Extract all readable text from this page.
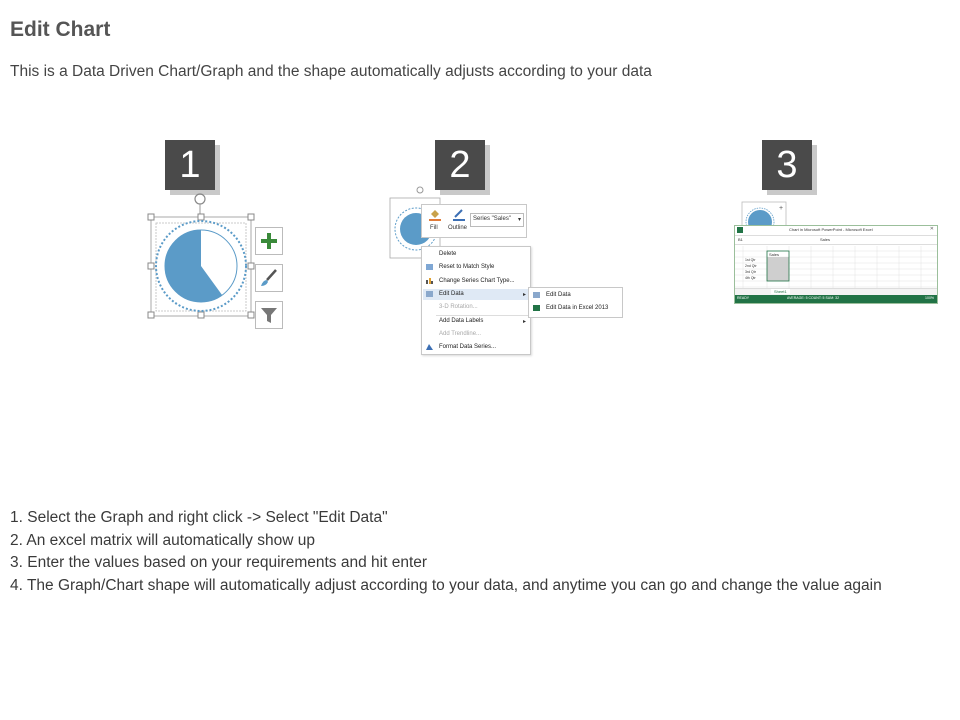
Edit Chart
This is a Data Driven Chart/Graph and the shape automatically adjusts according to your data
1	2	3
Fill Outline
Series "Sales" ▾
Delete
Reset to Match Style
Change Series Chart Type...
Edit Data	▸
3-D Rotation...
Add Data Labels	▸
Add Trendline...
Format Data Series...
Edit Data
Edit Data in Excel 2013
+
Chart in Microsoft PowerPoint - Microsoft Excel	✕
B1	Sales
Sales
1st Qtr
2nd Qtr
3rd Qtr
4th Qtr
Sheet1
READY	AVERAGE: 5 COUNT: 5 SUM: 32	100%
1. Select the Graph and right click -> Select "Edit Data"
2. An excel matrix will automatically show up
3. Enter the values based on your requirements and hit enter
4. The Graph/Chart shape will automatically adjust according to your data, and anytime you can go and change the value again
